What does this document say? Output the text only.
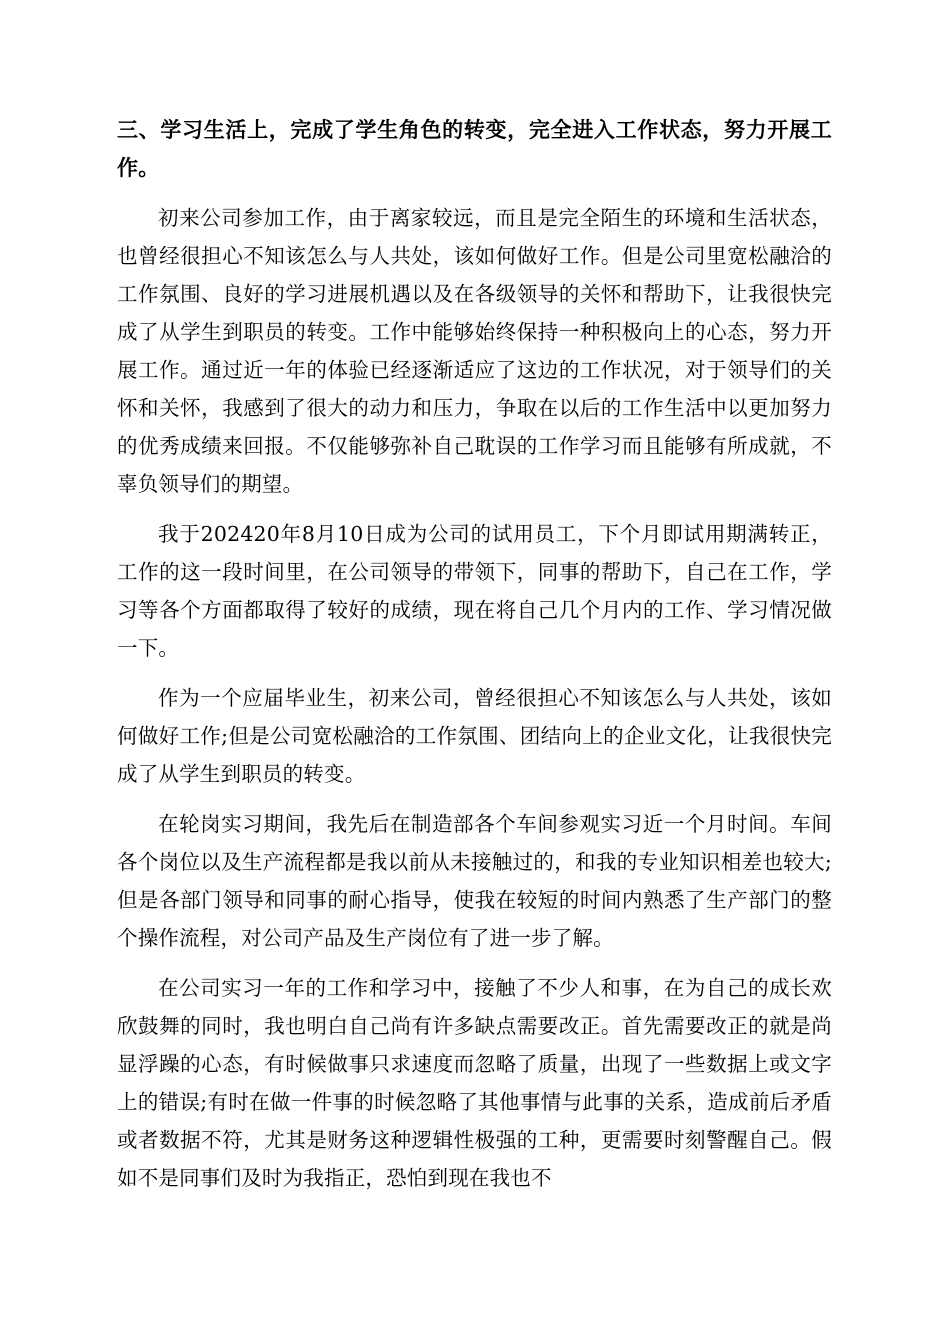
三、学习生活上，完成了学生角色的转变，完全进入工作状态，努力开展工作。

初来公司参加工作，由于离家较远，而且是完全陌生的环境和生活状态，也曾经很担心不知该怎么与人共处，该如何做好工作。但是公司里宽松融洽的工作氛围、良好的学习进展机遇以及在各级领导的关怀和帮助下，让我很快完成了从学生到职员的转变。工作中能够始终保持一种积极向上的心态，努力开展工作。通过近一年的体验已经逐渐适应了这边的工作状况，对于领导们的关怀和关怀，我感到了很大的动力和压力，争取在以后的工作生活中以更加努力的优秀成绩来回报。不仅能够弥补自己耽误的工作学习而且能够有所成就，不辜负领导们的期望。

我于202420年8月10日成为公司的试用员工，下个月即试用期满转正，工作的这一段时间里，在公司领导的带领下，同事的帮助下，自己在工作，学习等各个方面都取得了较好的成绩，现在将自己几个月内的工作、学习情况做一下。

作为一个应届毕业生，初来公司，曾经很担心不知该怎么与人共处，该如何做好工作;但是公司宽松融洽的工作氛围、团结向上的企业文化，让我很快完成了从学生到职员的转变。

在轮岗实习期间，我先后在制造部各个车间参观实习近一个月时间。车间各个岗位以及生产流程都是我以前从未接触过的，和我的专业知识相差也较大;但是各部门领导和同事的耐心指导，使我在较短的时间内熟悉了生产部门的整个操作流程，对公司产品及生产岗位有了进一步了解。

在公司实习一年的工作和学习中，接触了不少人和事，在为自己的成长欢欣鼓舞的同时，我也明白自己尚有许多缺点需要改正。首先需要改正的就是尚显浮躁的心态，有时候做事只求速度而忽略了质量，出现了一些数据上或文字上的错误;有时在做一件事的时候忽略了其他事情与此事的关系，造成前后矛盾或者数据不符，尤其是财务这种逻辑性极强的工种，更需要时刻警醒自己。假如不是同事们及时为我指正，恐怕到现在我也不
